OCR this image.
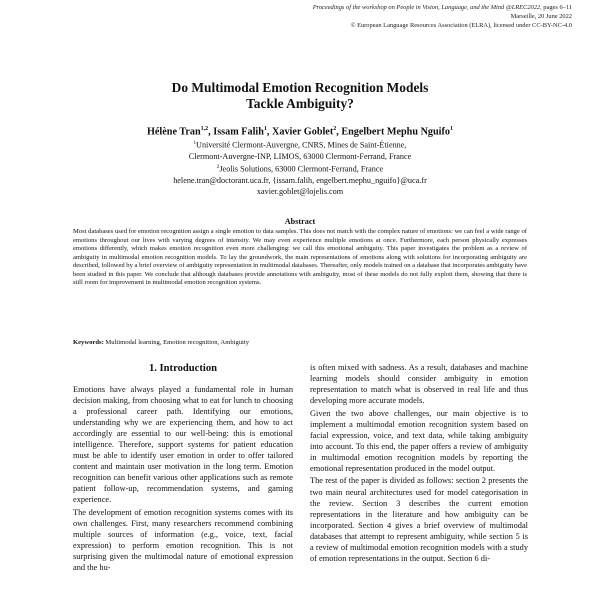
Proceedings of the workshop on People in Vision, Language, and the Mind @LREC2022, pages 6–11
Marseille, 20 June 2022
© European Language Resources Association (ELRA), licensed under CC-BY-NC-4.0
Do Multimodal Emotion Recognition Models
Tackle Ambiguity?
Hélène Tran$^{1,2}$, Issam Falih$^1$, Xavier Goblet$^2$, Engelbert Mephu Nguifo$^1$
$^1$Université Clermont-Auvergne, CNRS, Mines de Saint-Étienne,
Clermont-Auvergne-INP, LIMOS, 63000 Clermont-Ferrand, France
$^2$Jeolis Solutions, 63000 Clermont-Ferrand, France
helene.tran@doctorant.uca.fr, {issam.falih, engelbert.mephu_nguifo}@uca.fr
xavier.goblet@lojelis.com
Abstract
Most databases used for emotion recognition assign a single emotion to data samples. This does not match with the complex nature of emotions: we can feel a wide range of emotions throughout our lives with varying degrees of intensity. We may even experience multiple emotions at once. Furthermore, each person physically expresses emotions differently, which makes emotion recognition even more challenging: we call this emotional ambiguity. This paper investigates the problem as a review of ambiguity in multimodal emotion recognition models. To lay the groundwork, the main representations of emotions along with solutions for incorporating ambiguity are described, followed by a brief overview of ambiguity representation in multimodal databases. Thereafter, only models trained on a database that incorporates ambiguity have been studied in this paper. We conclude that although databases provide annotations with ambiguity, most of these models do not fully exploit them, showing that there is still room for improvement in multimodal emotion recognition systems.
Keywords: Multimodal learning, Emotion recognition, Ambiguity
1. Introduction

Emotions have always played a fundamental role in human decision making, from choosing what to eat for lunch to choosing a professional career path. Identifying our emotions, understanding why we are experiencing them, and how to act accordingly are essential to our well-being: this is emotional intelligence. Therefore, support systems for patient education must be able to identify user emotion in order to offer tailored content and maintain user motivation in the long term. Emotion recognition can benefit various other applications such as remote patient follow-up, recommendation systems, and gaming experience.

The development of emotion recognition systems comes with its own challenges. First, many researchers recommend combining multiple sources of information (e.g., voice, text, facial expression) to perform emotion recognition. This is not surprising given the multimodal nature of emotional expression and the hu-

is often mixed with sadness. As a result, databases and machine learning models should consider ambiguity in emotion representation to match what is observed in real life and thus developing more accurate models.

Given the two above challenges, our main objective is to implement a multimodal emotion recognition system based on facial expression, voice, and text data, while taking ambiguity into account. To this end, the paper offers a review of ambiguity in multimodal emotion recognition models by reporting the emotional representation produced in the model output.

The rest of the paper is divided as follows: section 2 presents the two main neural architectures used for model categorisation in the review. Section 3 describes the current emotion representations in the literature and how ambiguity can be incorporated. Section 4 gives a brief overview of multimodal databases that attempt to represent ambiguity, while section 5 is a review of multimodal emotion recognition models with a study of emotion representations in the output. Section 6 di-
